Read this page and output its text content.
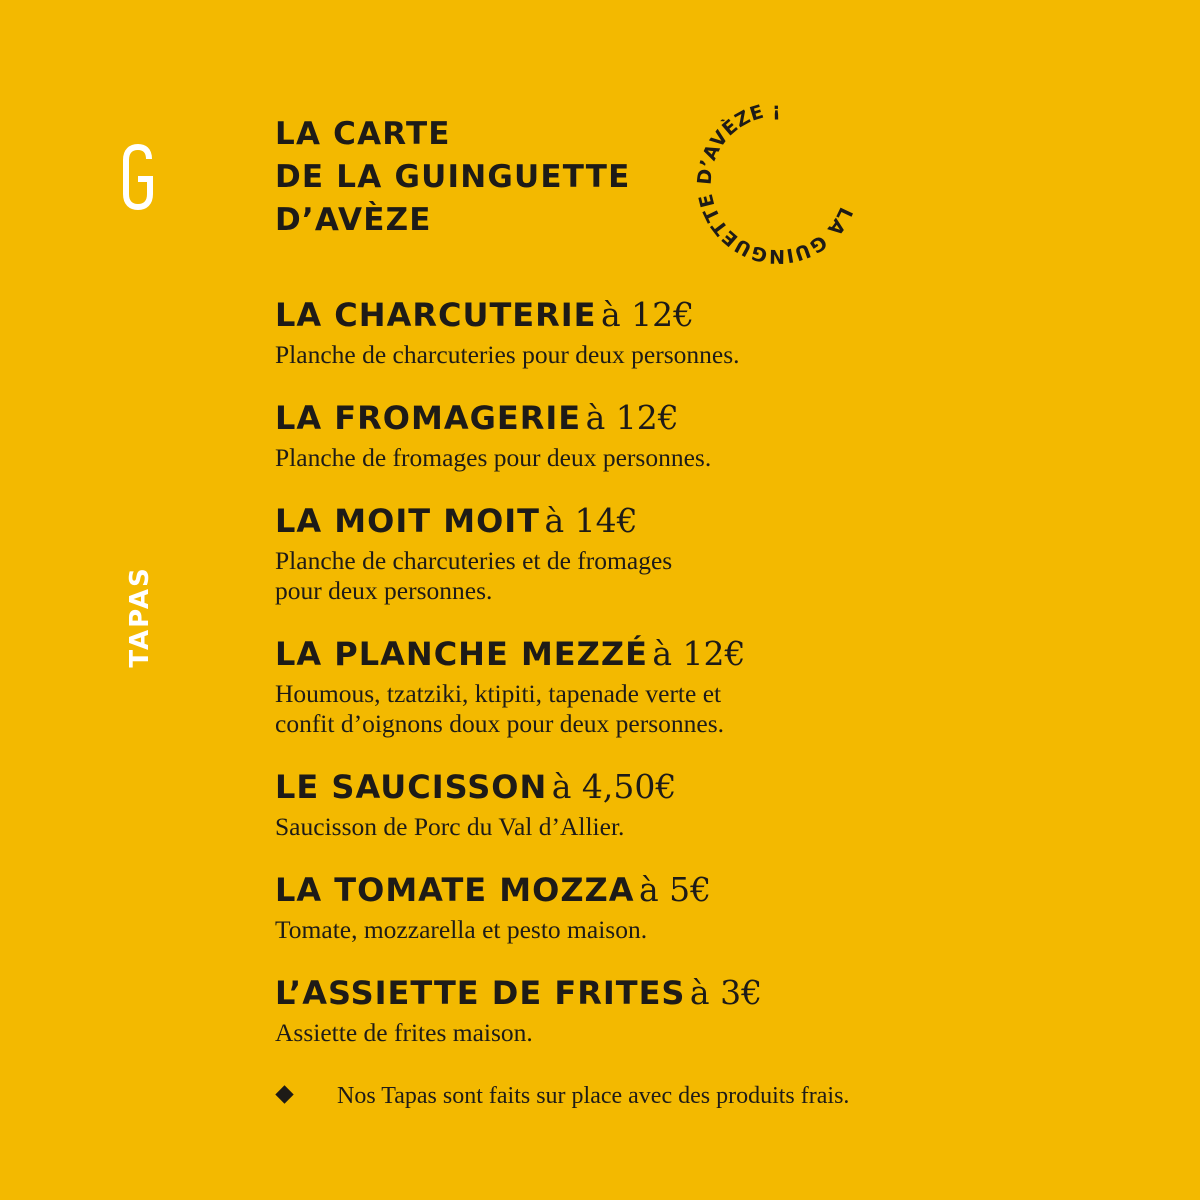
TAPAS
LA CARTE
DE LA GUINGUETTE
D’AVÈZE	LA GUINGUETTE D’AVÈZE ¡
LA CHARCUTERIE à 12€
Planche de charcuteries pour deux personnes.
LA FROMAGERIE à 12€
Planche de fromages pour deux personnes.
LA MOIT MOIT à 14€
Planche de charcuteries et de fromages
pour deux personnes.
LA PLANCHE MEZZÉ à 12€
Houmous, tzatziki, ktipiti, tapenade verte et
confit d’oignons doux pour deux personnes.
LE SAUCISSON à 4,50€
Saucisson de Porc du Val d’Allier.
LA TOMATE MOZZA à 5€
Tomate, mozzarella et pesto maison.
L’ASSIETTE DE FRITES à 3€
Assiette de frites maison.
Nos Tapas sont faits sur place avec des produits frais.
